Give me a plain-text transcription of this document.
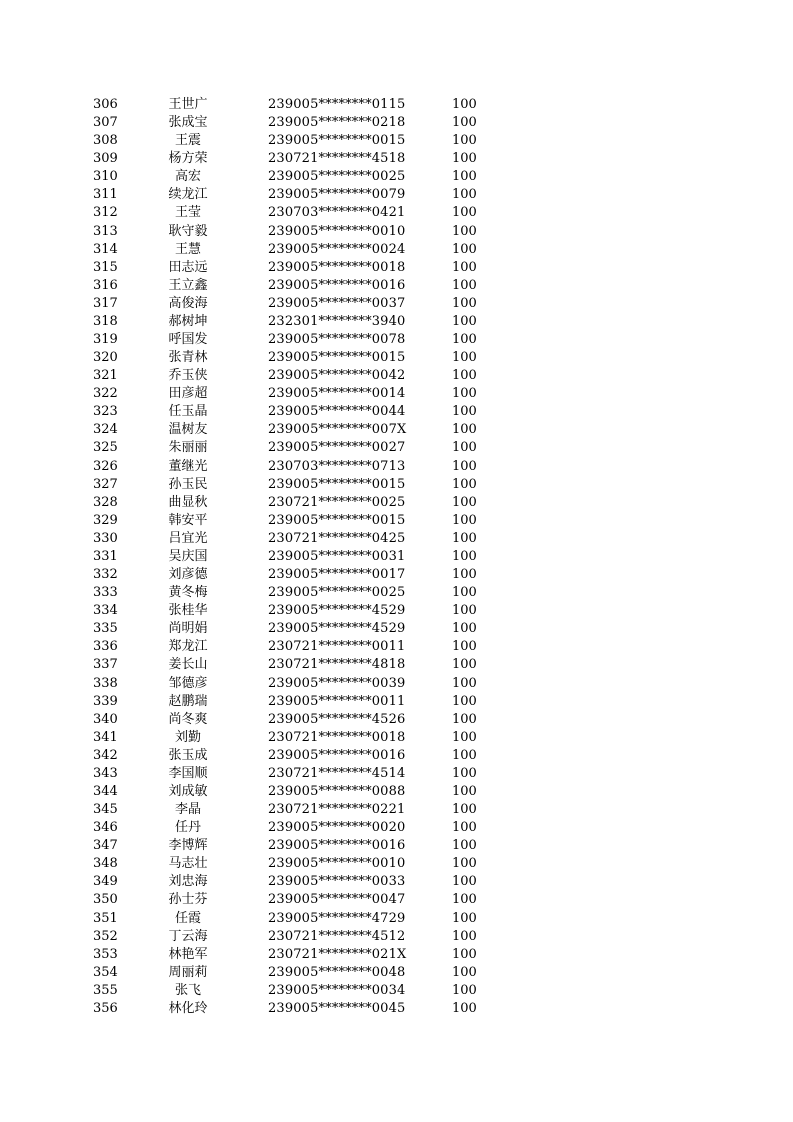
306	王世广	239005********0115	100
307	张成宝	239005********0218	100
308	王震	239005********0015	100
309	杨方荣	230721********4518	100
310	高宏	239005********0025	100
311	续龙江	239005********0079	100
312	王莹	230703********0421	100
313	耿守毅	239005********0010	100
314	王慧	239005********0024	100
315	田志远	239005********0018	100
316	王立鑫	239005********0016	100
317	高俊海	239005********0037	100
318	郝树坤	232301********3940	100
319	呼国发	239005********0078	100
320	张青林	239005********0015	100
321	乔玉侠	239005********0042	100
322	田彦超	239005********0014	100
323	任玉晶	239005********0044	100
324	温树友	239005********007X	100
325	朱丽丽	239005********0027	100
326	董继光	230703********0713	100
327	孙玉民	239005********0015	100
328	曲显秋	230721********0025	100
329	韩安平	239005********0015	100
330	吕宜光	230721********0425	100
331	吴庆国	239005********0031	100
332	刘彦德	239005********0017	100
333	黄冬梅	239005********0025	100
334	张桂华	239005********4529	100
335	尚明娟	239005********4529	100
336	郑龙江	230721********0011	100
337	姜长山	230721********4818	100
338	邹德彦	239005********0039	100
339	赵鹏瑞	239005********0011	100
340	尚冬爽	239005********4526	100
341	刘勤	230721********0018	100
342	张玉成	239005********0016	100
343	李国顺	230721********4514	100
344	刘成敏	239005********0088	100
345	李晶	230721********0221	100
346	任丹	239005********0020	100
347	李博辉	239005********0016	100
348	马志壮	239005********0010	100
349	刘忠海	239005********0033	100
350	孙士芬	239005********0047	100
351	任霞	239005********4729	100
352	丁云海	230721********4512	100
353	林艳军	230721********021X	100
354	周丽莉	239005********0048	100
355	张飞	239005********0034	100
356	林化玲	239005********0045	100
